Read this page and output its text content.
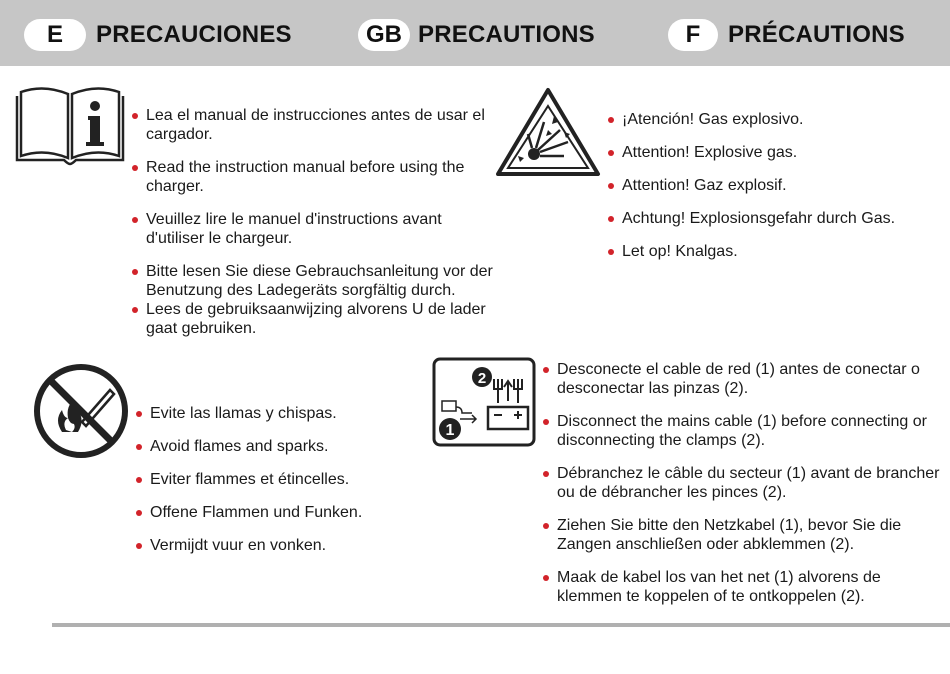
E	PRECAUCIONES	GB PRECAUTIONS	F	PRÉCAUTIONS
Lea el manual de instrucciones antes de usar el cargador.
Read the instruction manual before using the charger.
Veuillez lire le manuel d'instructions avant d'utiliser le chargeur.
Bitte lesen Sie diese Gebrauchsanleitung vor der Benutzung des Ladegeräts sorgfältig durch.
Lees de gebruiksaanwijzing alvorens U de lader gaat gebruiken.
¡Atención! Gas explosivo.
Attention! Explosive gas.
Attention! Gaz explosif.
Achtung! Explosionsgefahr durch Gas.
Let op! Knalgas.
Evite las llamas y chispas.
Avoid flames and sparks.
Eviter flammes et étincelles.
Offene Flammen und Funken.
Vermijdt vuur en vonken.
1
2
Desconecte el cable de red (1) antes de conectar o desconectar las pinzas (2).
Disconnect the mains cable (1) before connecting or disconnecting the clamps (2).
Débranchez le câble du secteur (1) avant de brancher ou de débrancher les pinces (2).
Ziehen Sie bitte den Netzkabel (1), bevor Sie die Zangen anschließen oder abklemmen (2).
Maak de kabel los van het net (1) alvorens de klemmen te koppelen of te ontkoppelen (2).
